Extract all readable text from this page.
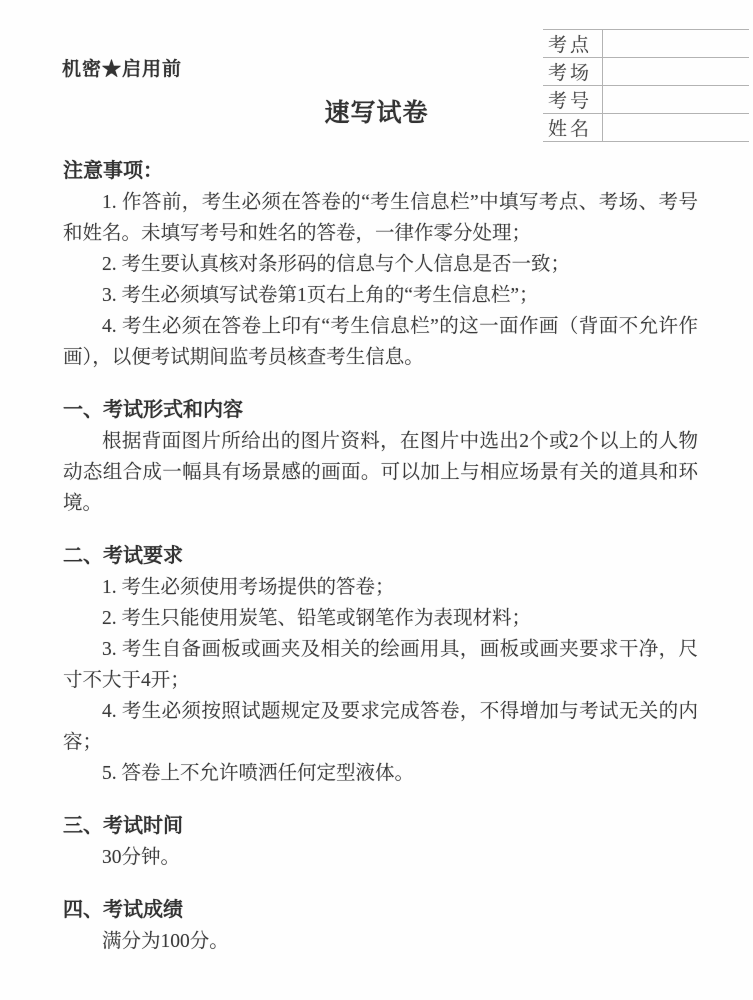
机密★启用前
考点	
考场	
考号	
姓名	
速写试卷
注意事项：

1. 作答前，考生必须在答卷的“考生信息栏”中填写考点、考场、考号和姓名。未填写考号和姓名的答卷，一律作零分处理；

2. 考生要认真核对条形码的信息与个人信息是否一致；

3. 考生必须填写试卷第1页右上角的“考生信息栏”；

4. 考生必须在答卷上印有“考生信息栏”的这一面作画（背面不允许作画），以便考试期间监考员核查考生信息。

一、考试形式和内容

根据背面图片所给出的图片资料，在图片中选出2个或2个以上的人物动态组合成一幅具有场景感的画面。可以加上与相应场景有关的道具和环境。

二、考试要求

1. 考生必须使用考场提供的答卷；

2. 考生只能使用炭笔、铅笔或钢笔作为表现材料；

3. 考生自备画板或画夹及相关的绘画用具，画板或画夹要求干净，尺寸不大于4开；

4. 考生必须按照试题规定及要求完成答卷，不得增加与考试无关的内容；

5. 答卷上不允许喷洒任何定型液体。

三、考试时间

30分钟。

四、考试成绩

满分为100分。
